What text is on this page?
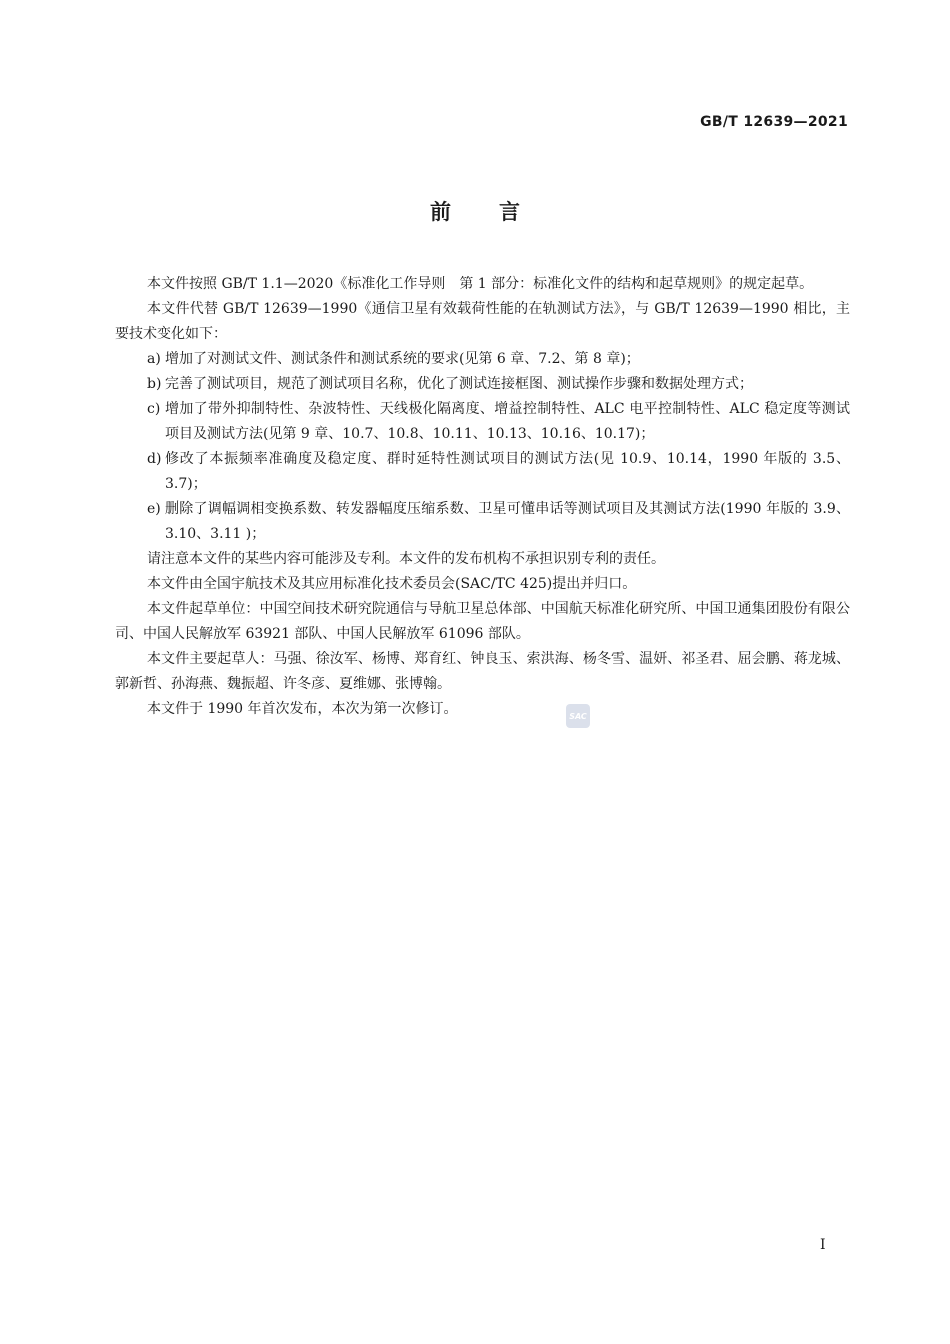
GB/T 12639—2021
前言

本文件按照 GB/T 1.1—2020《标准化工作导则　第 1 部分：标准化文件的结构和起草规则》的规定起草。

本文件代替 GB/T 12639—1990《通信卫星有效载荷性能的在轨测试方法》，与 GB/T 12639—1990 相比，主要技术变化如下：

a) 增加了对测试文件、测试条件和测试系统的要求(见第 6 章、7.2、第 8 章)；
b) 完善了测试项目，规范了测试项目名称，优化了测试连接框图、测试操作步骤和数据处理方式；
c) 增加了带外抑制特性、杂波特性、天线极化隔离度、增益控制特性、ALC 电平控制特性、ALC 稳定度等测试项目及测试方法(见第 9 章、10.7、10.8、10.11、10.13、10.16、10.17)；
d) 修改了本振频率准确度及稳定度、群时延特性测试项目的测试方法(见 10.9、10.14，1990 年版的 3.5、3.7)；
e) 删除了调幅调相变换系数、转发器幅度压缩系数、卫星可懂串话等测试项目及其测试方法(1990 年版的 3.9、3.10、3.11 )；

请注意本文件的某些内容可能涉及专利。本文件的发布机构不承担识别专利的责任。

本文件由全国宇航技术及其应用标准化技术委员会(SAC/TC 425)提出并归口。

本文件起草单位：中国空间技术研究院通信与导航卫星总体部、中国航天标准化研究所、中国卫通集团股份有限公司、中国人民解放军 63921 部队、中国人民解放军 61096 部队。

本文件主要起草人：马强、徐汝军、杨博、郑育红、钟良玉、索洪海、杨冬雪、温妍、祁圣君、屈会鹏、蒋龙城、郭新哲、孙海燕、魏振超、许冬彦、夏维娜、张博翰。

本文件于 1990 年首次发布，本次为第一次修订。	SAC
I
